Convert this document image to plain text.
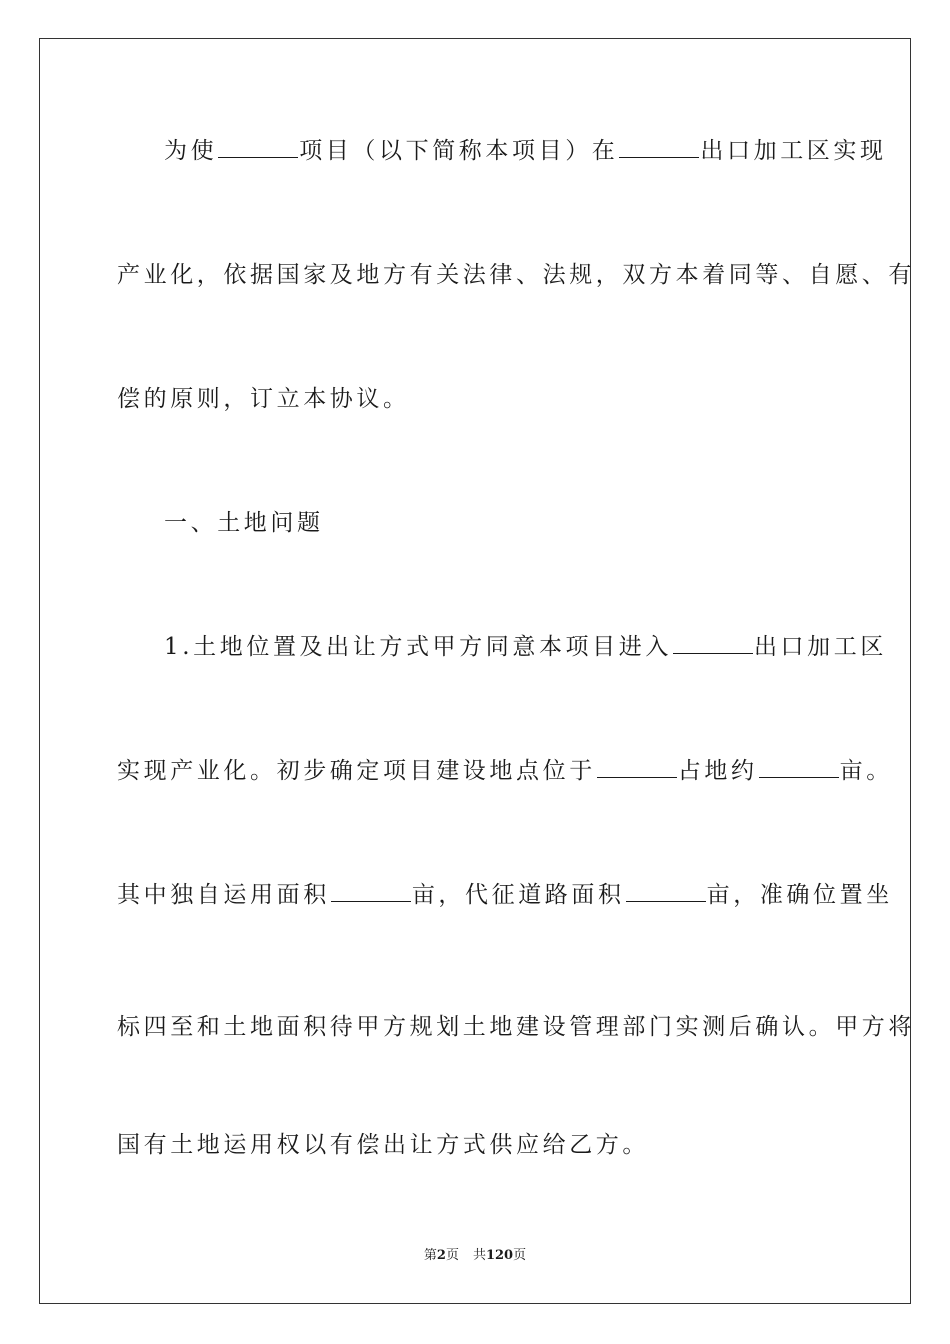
为使	项目（以下简称本项目）在	出口加工区实现
产业化，依据国家及地方有关法律、法规，双方本着同等、自愿、有
偿的原则，订立本协议。
一、土地问题
1.土地位置及出让方式甲方同意本项目进入	出口加工区
实现产业化。初步确定项目建设地点位于	占地约	亩。
其中独自运用面积	亩，代征道路面积	亩，准确位置坐
标四至和土地面积待甲方规划土地建设管理部门实测后确认。甲方将
国有土地运用权以有偿出让方式供应给乙方。
第2页 共120页
